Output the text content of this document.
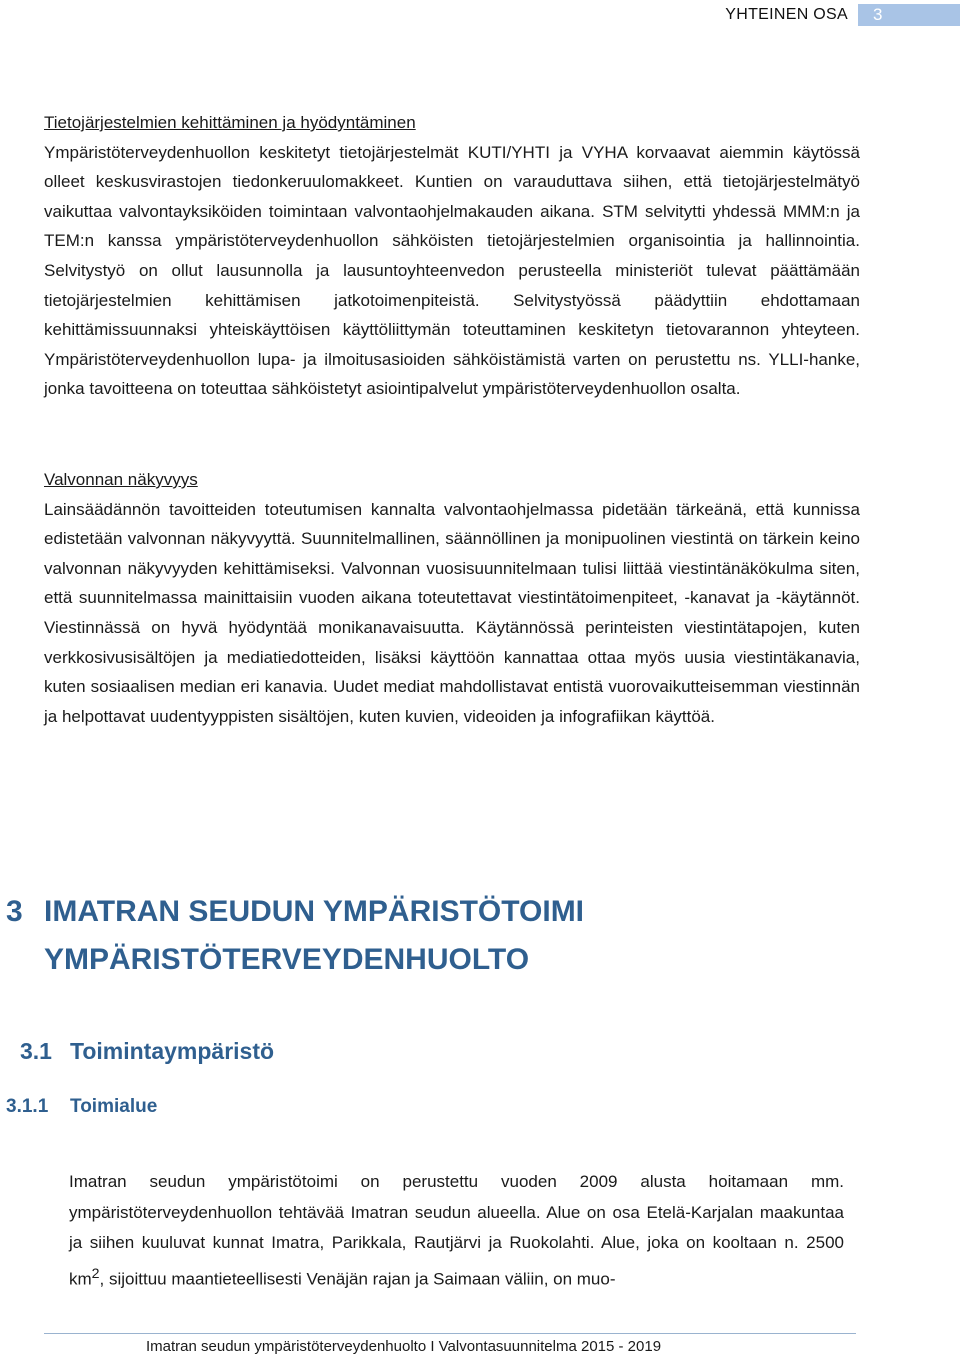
YHTEINEN OSA	3

Tietojärjestelmien kehittäminen ja hyödyntäminen

Ympäristöterveydenhuollon keskitetyt tietojärjestelmät KUTI/YHTI ja VYHA korvaavat aiemmin käytössä olleet keskusvirastojen tiedonkeruulomakkeet. Kuntien on varauduttava siihen, että tietojärjestelmätyö vaikuttaa valvontayksiköiden toimintaan valvontaohjelmakauden aikana. STM selvitytti yhdessä MMM:n ja TEM:n kanssa ympäristöterveydenhuollon sähköisten tietojärjestelmien organisointia ja hallinnointia. Selvitystyö on ollut lausunnolla ja lausuntoyhteenvedon perusteella ministeriöt tulevat päättämään tietojärjestelmien kehittämisen jatkotoimenpiteistä. Selvitystyössä päädyttiin ehdottamaan kehittämissuunnaksi yhteiskäyttöisen käyttöliittymän toteuttaminen keskitetyn tietovarannon yhteyteen. Ympäristöterveydenhuollon lupa- ja ilmoitusasioiden sähköistämistä varten on perustettu ns. YLLI-hanke, jonka tavoitteena on toteuttaa sähköistetyt asiointipalvelut ympäristöterveydenhuollon osalta.

Valvonnan näkyvyys

Lainsäädännön tavoitteiden toteutumisen kannalta valvontaohjelmassa pidetään tärkeänä, että kunnissa edistetään valvonnan näkyvyyttä. Suunnitelmallinen, säännöllinen ja monipuolinen viestintä on tärkein keino valvonnan näkyvyyden kehittämiseksi. Valvonnan vuosisuunnitelmaan tulisi liittää viestintänäkökulma siten, että suunnitelmassa mainittaisiin vuoden aikana toteutettavat viestintätoimenpiteet, -kanavat ja -käytännöt. Viestinnässä on hyvä hyödyntää monikanavaisuutta. Käytännössä perinteisten viestintätapojen, kuten verkkosivusisältöjen ja mediatiedotteiden, lisäksi käyttöön kannattaa ottaa myös uusia viestintäkanavia, kuten sosiaalisen median eri kanavia. Uudet mediat mahdollistavat entistä vuorovaikutteisemman viestinnän ja helpottavat uudentyyppisten sisältöjen, kuten kuvien, videoiden ja infografiikan käyttöä.

3 IMATRAN SEUDUN YMPÄRISTÖTOIMI YMPÄRISTÖTERVEYDENHUOLTO
3.1 Toimintaympäristö
3.1.1 Toimialue

Imatran seudun ympäristötoimi on perustettu vuoden 2009 alusta hoitamaan mm. ympäristöterveydenhuollon tehtävää Imatran seudun alueella. Alue on osa Etelä-Karjalan maakuntaa ja siihen kuuluvat kunnat Imatra, Parikkala, Rautjärvi ja Ruokolahti. Alue, joka on kooltaan n. 2500 $km^2$, sijoittuu maantieteellisesti Venäjän rajan ja Saimaan väliin, on muo-

Imatran seudun ympäristöterveydenhuolto I Valvontasuunnitelma 2015 - 2019
